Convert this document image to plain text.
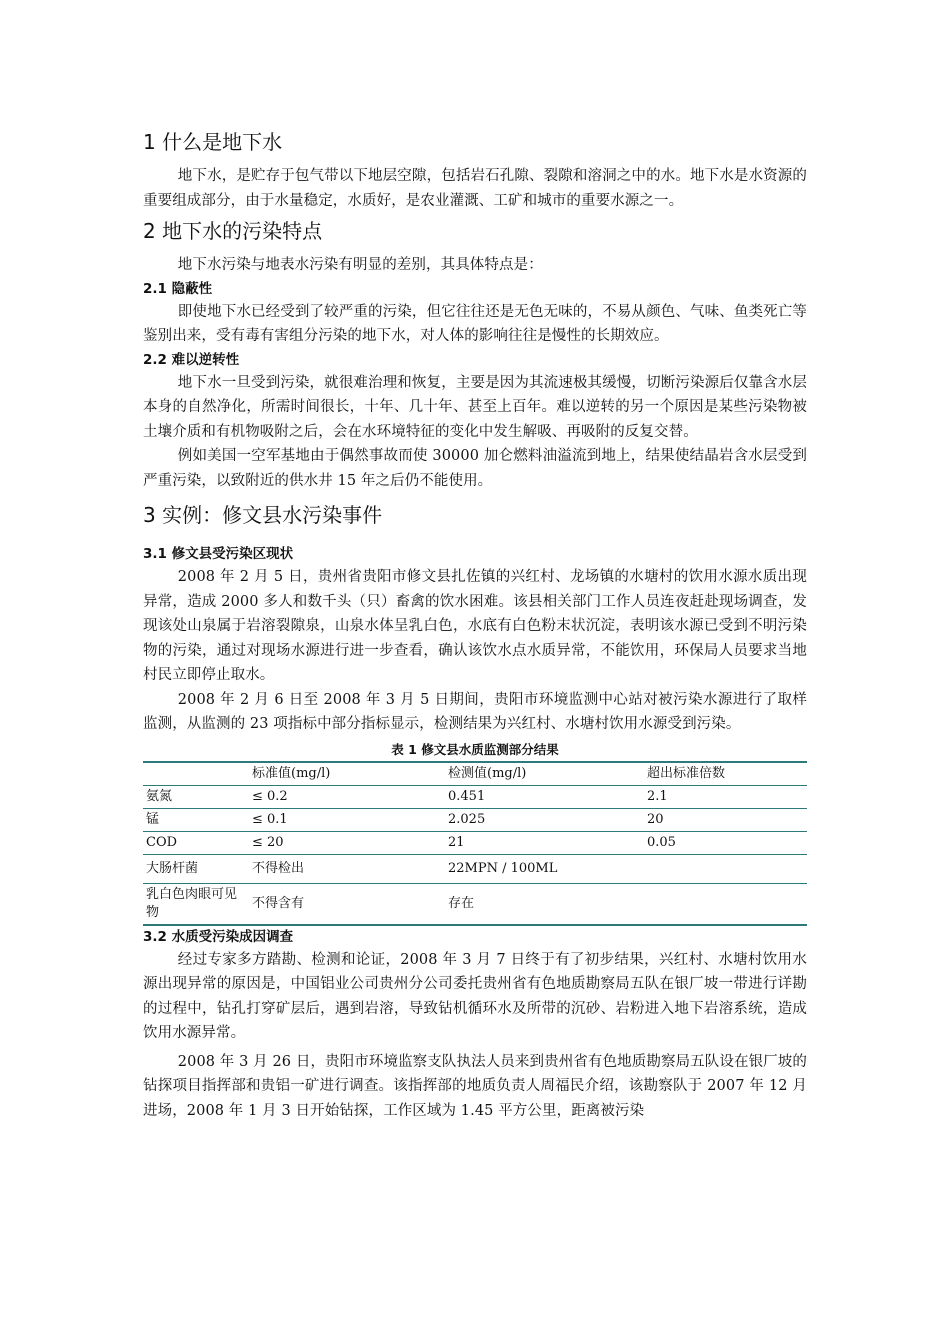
1 什么是地下水

地下水，是贮存于包气带以下地层空隙，包括岩石孔隙、裂隙和溶洞之中的水。地下水是水资源的重要组成部分，由于水量稳定，水质好，是农业灌溉、工矿和城市的重要水源之一。

2 地下水的污染特点

地下水污染与地表水污染有明显的差别，其具体特点是：

2.1 隐蔽性

即使地下水已经受到了较严重的污染，但它往往还是无色无味的，不易从颜色、气味、鱼类死亡等鉴别出来，受有毒有害组分污染的地下水，对人体的影响往往是慢性的长期效应。

2.2 难以逆转性

地下水一旦受到污染，就很难治理和恢复，主要是因为其流速极其缓慢，切断污染源后仅靠含水层本身的自然净化，所需时间很长，十年、几十年、甚至上百年。难以逆转的另一个原因是某些污染物被土壤介质和有机物吸附之后，会在水环境特征的变化中发生解吸、再吸附的反复交替。

例如美国一空军基地由于偶然事故而使 30000 加仑燃料油溢流到地上，结果使结晶岩含水层受到严重污染，以致附近的供水井 15 年之后仍不能使用。

3 实例：修文县水污染事件
3.1 修文县受污染区现状

2008 年 2 月 5 日，贵州省贵阳市修文县扎佐镇的兴红村、龙场镇的水塘村的饮用水源水质出现异常，造成 2000 多人和数千头（只）畜禽的饮水困难。该县相关部门工作人员连夜赶赴现场调查，发现该处山泉属于岩溶裂隙泉，山泉水体呈乳白色，水底有白色粉末状沉淀，表明该水源已受到不明污染物的污染，通过对现场水源进行进一步查看，确认该饮水点水质异常，不能饮用，环保局人员要求当地村民立即停止取水。

2008 年 2 月 6 日至 2008 年 3 月 5 日期间，贵阳市环境监测中心站对被污染水源进行了取样监测，从监测的 23 项指标中部分指标显示，检测结果为兴红村、水塘村饮用水源受到污染。

表 1 修文县水质监测部分结果
	标准值(mg/l)	检测值(mg/l)	超出标准倍数
氨氮	≤ 0.2	0.451	2.1
锰	≤ 0.1	2.025	20
COD	≤ 20	21	0.05
大肠杆菌	不得检出	22MPN / 100ML	
乳白色肉眼可见物	不得含有	存在	
3.2 水质受污染成因调查

经过专家多方踏勘、检测和论证，2008 年 3 月 7 日终于有了初步结果，兴红村、水塘村饮用水源出现异常的原因是，中国铝业公司贵州分公司委托贵州省有色地质勘察局五队在银厂坡一带进行详勘的过程中，钻孔打穿矿层后，遇到岩溶，导致钻机循环水及所带的沉砂、岩粉进入地下岩溶系统，造成饮用水源异常。

2008 年 3 月 26 日，贵阳市环境监察支队执法人员来到贵州省有色地质勘察局五队设在银厂坡的钻探项目指挥部和贵铝一矿进行调查。该指挥部的地质负责人周福民介绍，该勘察队于 2007 年 12 月进场，2008 年 1 月 3 日开始钻探，工作区域为 1.45 平方公里，距离被污染
